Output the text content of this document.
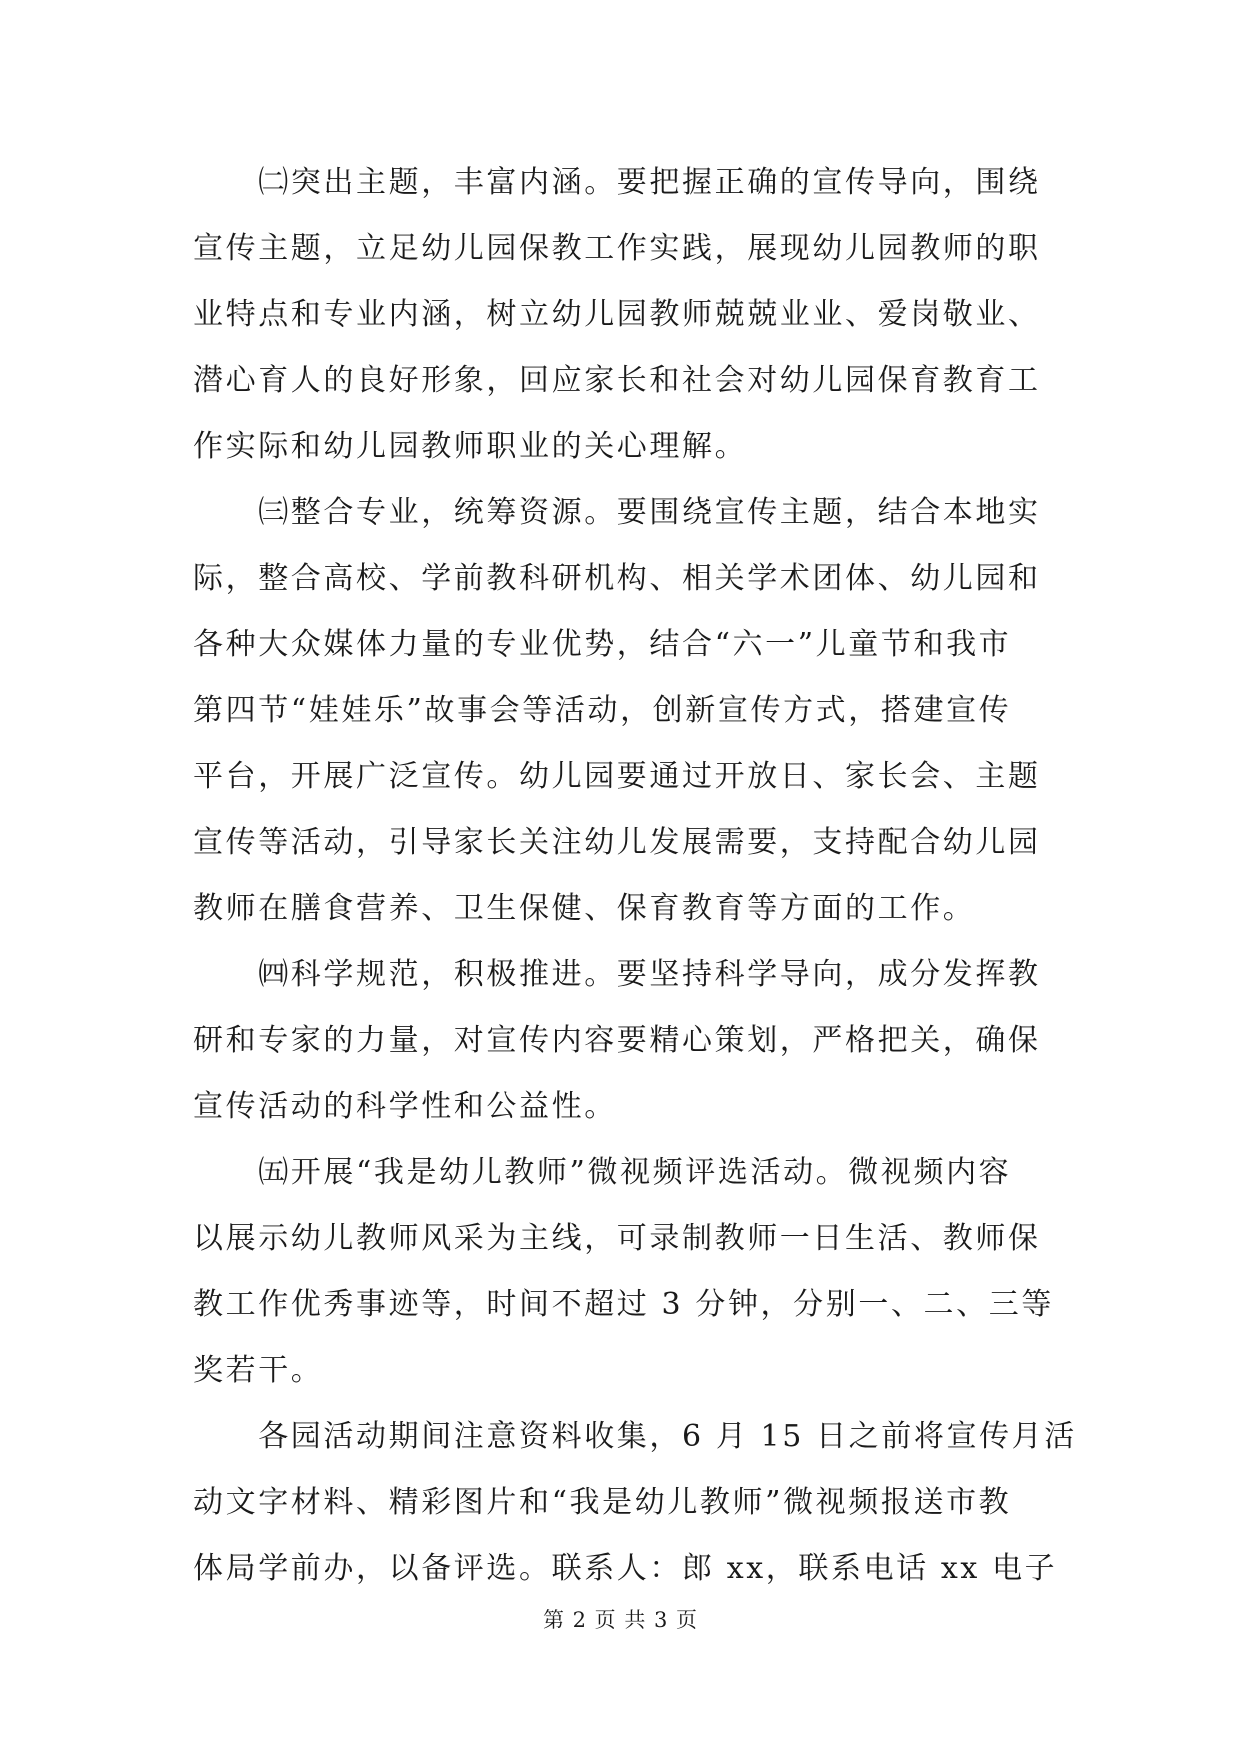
　　㈡突出主题，丰富内涵。要把握正确的宣传导向，围绕
宣传主题，立足幼儿园保教工作实践，展现幼儿园教师的职
业特点和专业内涵，树立幼儿园教师兢兢业业、爱岗敬业、
潜心育人的良好形象，回应家长和社会对幼儿园保育教育工
作实际和幼儿园教师职业的关心理解。
　　㈢整合专业，统筹资源。要围绕宣传主题，结合本地实
际，整合高校、学前教科研机构、相关学术团体、幼儿园和
各种大众媒体力量的专业优势，结合“六一”儿童节和我市
第四节“娃娃乐”故事会等活动，创新宣传方式，搭建宣传
平台，开展广泛宣传。幼儿园要通过开放日、家长会、主题
宣传等活动，引导家长关注幼儿发展需要，支持配合幼儿园
教师在膳食营养、卫生保健、保育教育等方面的工作。
　　㈣科学规范，积极推进。要坚持科学导向，成分发挥教
研和专家的力量，对宣传内容要精心策划，严格把关，确保
宣传活动的科学性和公益性。
　　㈤开展“我是幼儿教师”微视频评选活动。微视频内容
以展示幼儿教师风采为主线，可录制教师一日生活、教师保
教工作优秀事迹等，时间不超过 3 分钟，分别一、二、三等
奖若干。
　　各园活动期间注意资料收集，6 月 15 日之前将宣传月活
动文字材料、精彩图片和“我是幼儿教师”微视频报送市教
体局学前办，以备评选。联系人：郎 xx，联系电话 xx 电子
第 2 页 共 3 页
